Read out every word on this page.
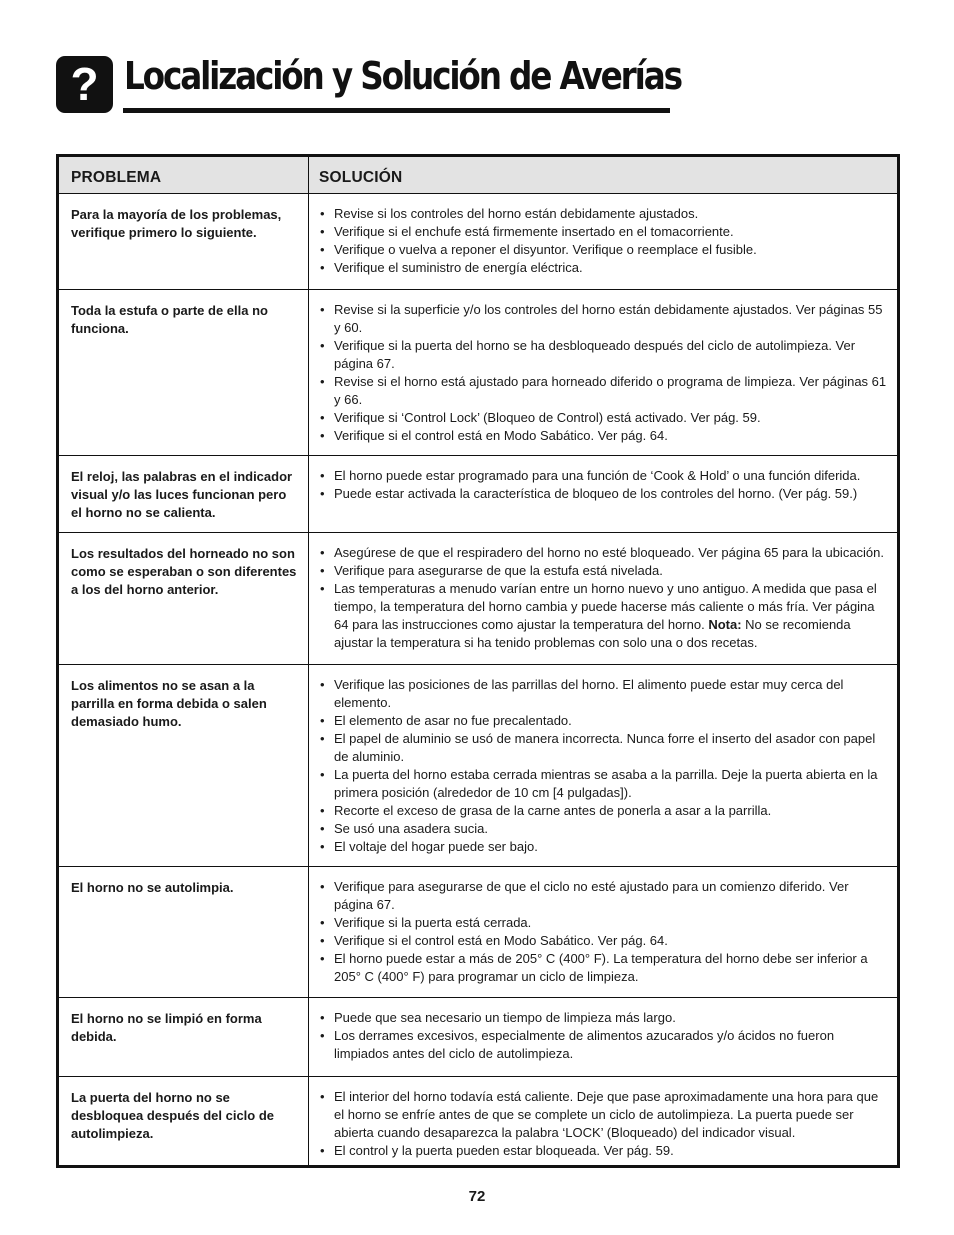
? Localización y Solución de Averías
PROBLEMA	SOLUCIÓN
Para la mayoría de los problemas, verifique primero lo siguiente.
• Revise si los controles del horno están debidamente ajustados.
• Verifique si el enchufe está firmemente insertado en el tomacorriente.
• Verifique o vuelva a reponer el disyuntor. Verifique o reemplace el fusible.
• Verifique el suministro de energía eléctrica.
Toda la estufa o parte de ella no funciona.
• Revise si la superficie y/o los controles del horno están debidamente ajustados. Ver páginas 55 y 60.
• Verifique si la puerta del horno se ha desbloqueado después del ciclo de autolimpieza. Ver página 67.
• Revise si el horno está ajustado para horneado diferido o programa de limpieza. Ver páginas 61 y 66.
• Verifique si ‘Control Lock’ (Bloqueo de Control) está activado. Ver pág. 59.
• Verifique si el control está en Modo Sabático. Ver pág. 64.
El reloj, las palabras en el indicador visual y/o las luces funcionan pero el horno no se calienta.
• El horno puede estar programado para una función de ‘Cook & Hold’ o una función diferida.
• Puede estar activada la característica de bloqueo de los controles del horno. (Ver pág. 59.)
Los resultados del horneado no son como se esperaban o son diferentes a los del horno anterior.
• Asegúrese de que el respiradero del horno no esté bloqueado. Ver página 65 para la ubicación.
• Verifique para asegurarse de que la estufa está nivelada.
• Las temperaturas a menudo varían entre un horno nuevo y uno antiguo. A medida que pasa el tiempo, la temperatura del horno cambia y puede hacerse más caliente o más fría. Ver página 64 para las instrucciones como ajustar la temperatura del horno. Nota: No se recomienda ajustar la temperatura si ha tenido problemas con solo una o dos recetas.
Los alimentos no se asan a la parrilla en forma debida o salen demasiado humo.
• Verifique las posiciones de las parrillas del horno. El alimento puede estar muy cerca del elemento.
• El elemento de asar no fue precalentado.
• El papel de aluminio se usó de manera incorrecta. Nunca forre el inserto del asador con papel de aluminio.
• La puerta del horno estaba cerrada mientras se asaba a la parrilla. Deje la puerta abierta en la primera posición (alrededor de 10 cm [4 pulgadas]).
• Recorte el exceso de grasa de la carne antes de ponerla a asar a la parrilla.
• Se usó una asadera sucia.
• El voltaje del hogar puede ser bajo.
El horno no se autolimpia.
•	Verifique para asegurarse de que el ciclo no esté ajustado para un comienzo diferido. Ver página 67.
• Verifique si la puerta está cerrada.
• Verifique si el control está en Modo Sabático. Ver pág. 64.
• El horno puede estar a más de 205° C (400° F). La temperatura del horno debe ser inferior a 205° C (400° F) para programar un ciclo de limpieza.
El horno no se limpió en forma debida.
• Puede que sea necesario un tiempo de limpieza más largo.
• Los derrames excesivos, especialmente de alimentos azucarados y/o ácidos no fueron limpiados antes del ciclo de autolimpieza.
La puerta del horno no se desbloquea después del ciclo de autolimpieza.
• El interior del horno todavía está caliente. Deje que pase aproximadamente una hora para que el horno se enfríe antes de que se complete un ciclo de autolimpieza. La puerta puede ser abierta cuando desaparezca la palabra ‘LOCK’ (Bloqueado) del indicador visual.
• El control y la puerta pueden estar bloqueada. Ver pág. 59.
72
